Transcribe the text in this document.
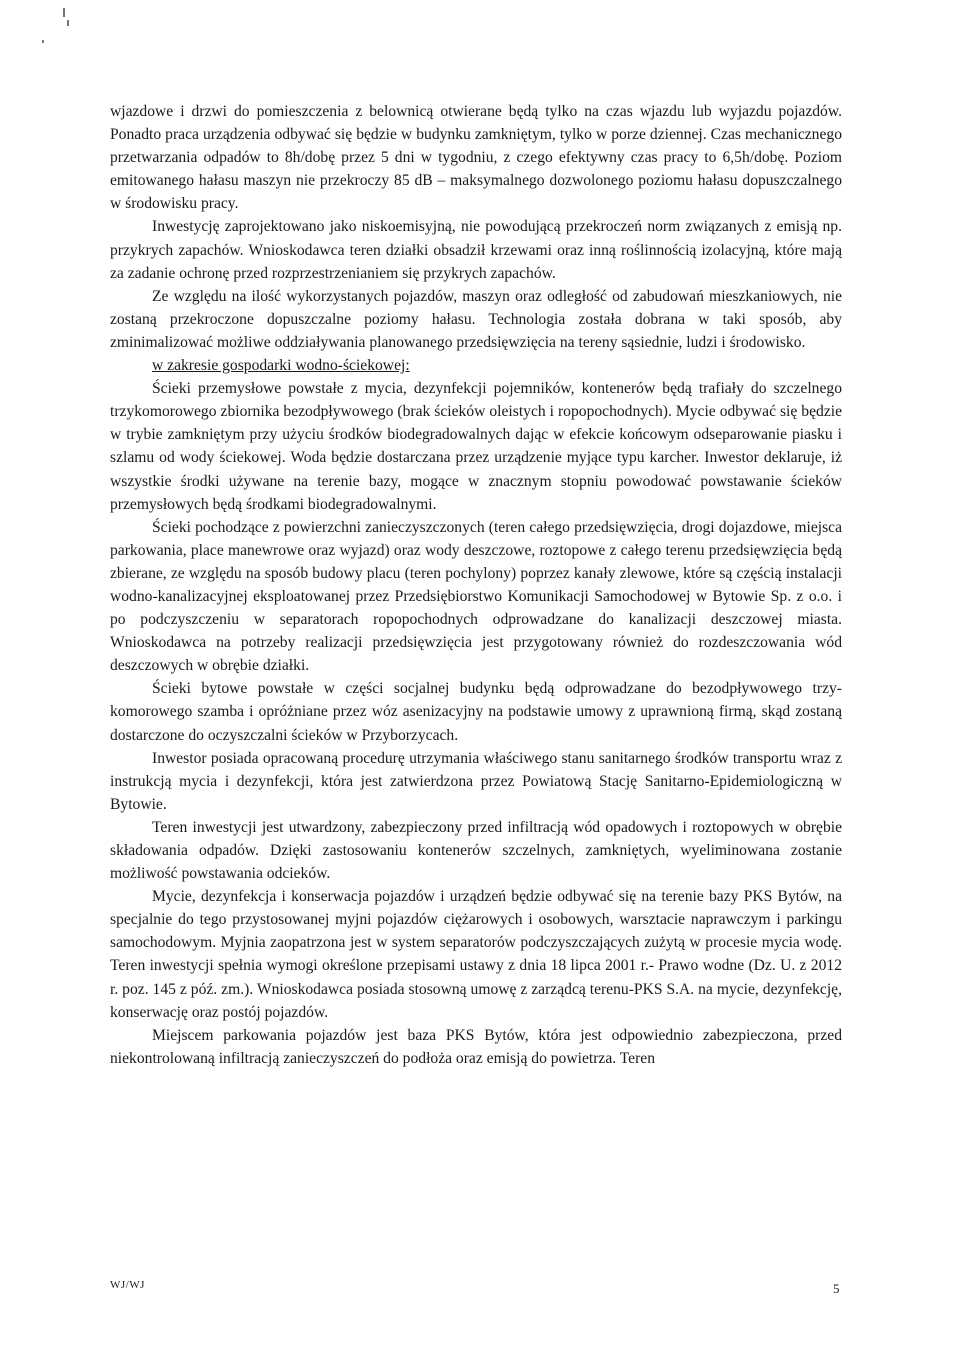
wjazdowe i drzwi do pomieszczenia z belownicą otwierane będą tylko na czas wjazdu lub wyjazdu pojazdów. Ponadto praca urządzenia odbywać się będzie w budynku zamkniętym, tylko w porze dziennej. Czas mechanicznego przetwarzania odpadów to 8h/dobę przez 5 dni w tygodniu, z czego efektywny czas pracy to 6,5h/dobę. Poziom emitowanego hałasu maszyn nie przekroczy 85 dB – maksymalnego dozwolonego poziomu hałasu dopuszczalnego w środowisku pracy.

Inwestycję zaprojektowano jako niskoemisyjną, nie powodującą przekroczeń norm związanych z emisją np. przykrych zapachów. Wnioskodawca teren działki obsadził krzewami oraz inną roślinnością izolacyjną, które mają za zadanie ochronę przed rozprzestrzenianiem się przykrych zapachów.

Ze względu na ilość wykorzystanych pojazdów, maszyn oraz odległość od zabudowań mieszkaniowych, nie zostaną przekroczone dopuszczalne poziomy hałasu. Technologia została dobrana w taki sposób, aby zminimalizować możliwe oddziaływania planowanego przedsięwzięcia na tereny sąsiednie, ludzi i środowisko.

w zakresie gospodarki wodno-ściekowej:

Ścieki przemysłowe powstałe z mycia, dezynfekcji pojemników, kontenerów będą trafiały do szczelnego trzykomorowego zbiornika bezodpływowego (brak ścieków oleistych i ropopochodnych). Mycie odbywać się będzie w trybie zamkniętym przy użyciu środków biodegradowalnych dając w efekcie końcowym odseparowanie piasku i szlamu od wody ściekowej. Woda będzie dostarczana przez urządzenie myjące typu karcher. Inwestor deklaruje, iż wszystkie środki używane na terenie bazy, mogące w znacznym stopniu powodować powstawanie ścieków przemysłowych będą środkami biodegradowalnymi.

Ścieki pochodzące z powierzchni zanieczyszczonych (teren całego przedsięwzięcia, drogi dojazdowe, miejsca parkowania, place manewrowe oraz wyjazd) oraz wody deszczowe, roztopowe z całego terenu przedsięwzięcia będą zbierane, ze względu na sposób budowy placu (teren pochylony) poprzez kanały zlewowe, które są częścią instalacji wodno-kanalizacyjnej eksploatowanej przez Przedsiębiorstwo Komunikacji Samochodowej w Bytowie Sp. z o.o. i po podczyszczeniu w separatorach ropopochodnych odprowadzane do kanalizacji deszczowej miasta. Wnioskodawca na potrzeby realizacji przedsięwzięcia jest przygotowany również do rozdeszczowania wód deszczowych w obrębie działki.

Ścieki bytowe powstałe w części socjalnej budynku będą odprowadzane do bezodpływowego trzy- komorowego szamba i opróżniane przez wóz asenizacyjny na podstawie umowy z uprawnioną firmą, skąd zostaną dostarczone do oczyszczalni ścieków w Przyborzycach.

Inwestor posiada opracowaną procedurę utrzymania właściwego stanu sanitarnego środków transportu wraz z instrukcją mycia i dezynfekcji, która jest zatwierdzona przez Powiatową Stację Sanitarno-Epidemiologiczną w Bytowie.

Teren inwestycji jest utwardzony, zabezpieczony przed infiltracją wód opadowych i roztopowych w obrębie składowania odpadów. Dzięki zastosowaniu kontenerów szczelnych, zamkniętych, wyeliminowana zostanie możliwość powstawania odcieków.

Mycie, dezynfekcja i konserwacja pojazdów i urządzeń będzie odbywać się na terenie bazy PKS Bytów, na specjalnie do tego przystosowanej myjni pojazdów ciężarowych i osobowych, warsztacie naprawczym i parkingu samochodowym. Myjnia zaopatrzona jest w system separatorów podczyszczających zużytą w procesie mycia wodę. Teren inwestycji spełnia wymogi określone przepisami ustawy z dnia 18 lipca 2001 r.- Prawo wodne (Dz. U. z 2012 r. poz. 145 z póź. zm.). Wnioskodawca posiada stosowną umowę z zarządcą terenu-PKS S.A. na mycie, dezynfekcję, konserwację oraz postój pojazdów.

Miejscem parkowania pojazdów jest baza PKS Bytów, która jest odpowiednio zabezpieczona, przed niekontrolowaną infiltracją zanieczyszczeń do podłoża oraz emisją do powietrza. Teren

WJ/WJ	5
